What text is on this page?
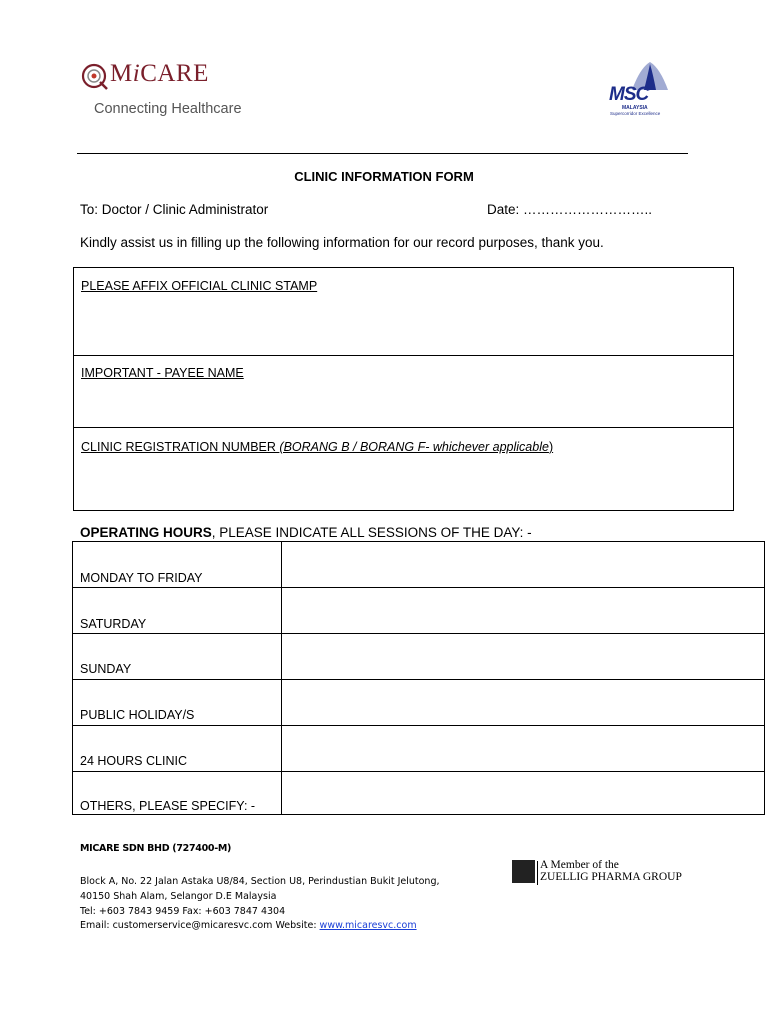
MiCARE
Connecting Healthcare
MSC
MALAYSIA
Supercorridor Excellence
CLINIC INFORMATION FORM
To: Doctor / Clinic Administrator	Date: ………………………..
Kindly assist us in filling up the following information for our record purposes, thank you.
PLEASE AFFIX OFFICIAL CLINIC STAMP
IMPORTANT - PAYEE NAME
CLINIC REGISTRATION NUMBER (BORANG B / BORANG F- whichever applicable)
OPERATING HOURS, PLEASE INDICATE ALL SESSIONS OF THE DAY: -
MONDAY TO FRIDAY
SATURDAY
SUNDAY
PUBLIC HOLIDAY/S
24 HOURS CLINIC
OTHERS, PLEASE SPECIFY: -
MICARE SDN BHD (727400-M)
Block A, No. 22 Jalan Astaka U8/84, Section U8, Perindustian Bukit Jelutong,
40150 Shah Alam, Selangor D.E Malaysia
Tel: +603 7843 9459 Fax: +603 7847 4304
Email: customerservice@micaresvc.com Website: www.micaresvc.com
A Member of the
ZUELLIG PHARMA GROUP
